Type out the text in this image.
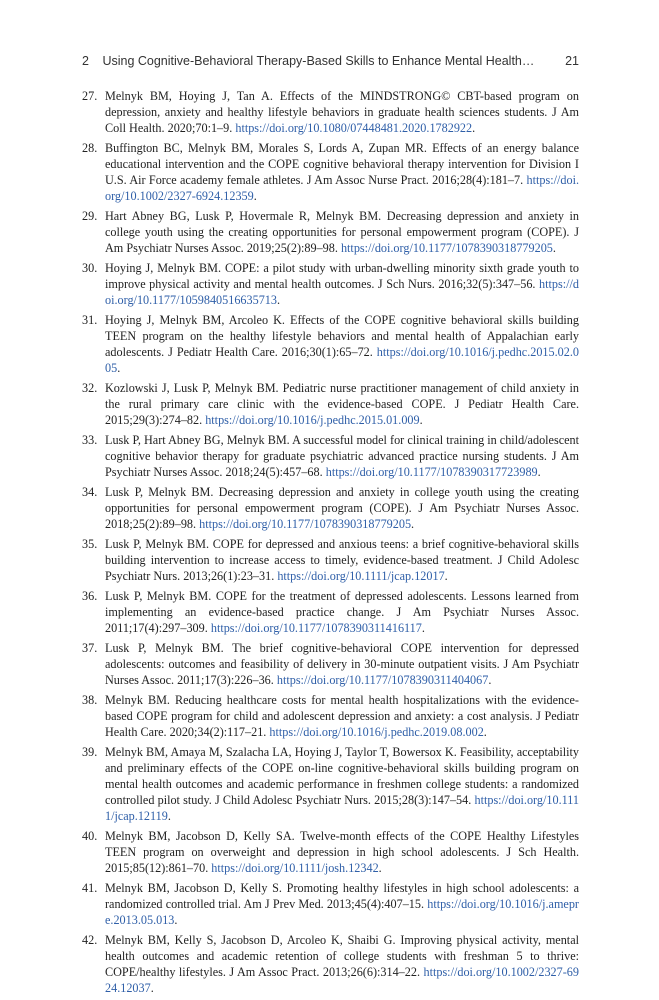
2 Using Cognitive-Behavioral Therapy-Based Skills to Enhance Mental Health… 21
27. Melnyk BM, Hoying J, Tan A. Effects of the MINDSTRONG© CBT-based program on depression, anxiety and healthy lifestyle behaviors in graduate health sciences students. J Am Coll Health. 2020;70:1–9. https://doi.org/10.1080/07448481.2020.1782922.
28. Buffington BC, Melnyk BM, Morales S, Lords A, Zupan MR. Effects of an energy balance educational intervention and the COPE cognitive behavioral therapy intervention for Division I U.S. Air Force academy female athletes. J Am Assoc Nurse Pract. 2016;28(4):181–7. https://doi.org/10.1002/2327-6924.12359.
29. Hart Abney BG, Lusk P, Hovermale R, Melnyk BM. Decreasing depression and anxiety in college youth using the creating opportunities for personal empowerment program (COPE). J Am Psychiatr Nurses Assoc. 2019;25(2):89–98. https://doi.org/10.1177/1078390318779205.
30. Hoying J, Melnyk BM. COPE: a pilot study with urban-dwelling minority sixth grade youth to improve physical activity and mental health outcomes. J Sch Nurs. 2016;32(5):347–56. https://doi.org/10.1177/1059840516635713.
31. Hoying J, Melnyk BM, Arcoleo K. Effects of the COPE cognitive behavioral skills building TEEN program on the healthy lifestyle behaviors and mental health of Appalachian early adolescents. J Pediatr Health Care. 2016;30(1):65–72. https://doi.org/10.1016/j.pedhc.2015.02.005.
32. Kozlowski J, Lusk P, Melnyk BM. Pediatric nurse practitioner management of child anxiety in the rural primary care clinic with the evidence-based COPE. J Pediatr Health Care. 2015;29(3):274–82. https://doi.org/10.1016/j.pedhc.2015.01.009.
33. Lusk P, Hart Abney BG, Melnyk BM. A successful model for clinical training in child/adolescent cognitive behavior therapy for graduate psychiatric advanced practice nursing students. J Am Psychiatr Nurses Assoc. 2018;24(5):457–68. https://doi.org/10.1177/1078390317723989.
34. Lusk P, Melnyk BM. Decreasing depression and anxiety in college youth using the creating opportunities for personal empowerment program (COPE). J Am Psychiatr Nurses Assoc. 2018;25(2):89–98. https://doi.org/10.1177/1078390318779205.
35. Lusk P, Melnyk BM. COPE for depressed and anxious teens: a brief cognitive-behavioral skills building intervention to increase access to timely, evidence-based treatment. J Child Adolesc Psychiatr Nurs. 2013;26(1):23–31. https://doi.org/10.1111/jcap.12017.
36. Lusk P, Melnyk BM. COPE for the treatment of depressed adolescents. Lessons learned from implementing an evidence-based practice change. J Am Psychiatr Nurses Assoc. 2011;17(4):297–309. https://doi.org/10.1177/1078390311416117.
37. Lusk P, Melnyk BM. The brief cognitive-behavioral COPE intervention for depressed adolescents: outcomes and feasibility of delivery in 30-minute outpatient visits. J Am Psychiatr Nurses Assoc. 2011;17(3):226–36. https://doi.org/10.1177/1078390311404067.
38. Melnyk BM. Reducing healthcare costs for mental health hospitalizations with the evidence-based COPE program for child and adolescent depression and anxiety: a cost analysis. J Pediatr Health Care. 2020;34(2):117–21. https://doi.org/10.1016/j.pedhc.2019.08.002.
39. Melnyk BM, Amaya M, Szalacha LA, Hoying J, Taylor T, Bowersox K. Feasibility, acceptability and preliminary effects of the COPE on-line cognitive-behavioral skills building program on mental health outcomes and academic performance in freshmen college students: a randomized controlled pilot study. J Child Adolesc Psychiatr Nurs. 2015;28(3):147–54. https://doi.org/10.1111/jcap.12119.
40. Melnyk BM, Jacobson D, Kelly SA. Twelve-month effects of the COPE Healthy Lifestyles TEEN program on overweight and depression in high school adolescents. J Sch Health. 2015;85(12):861–70. https://doi.org/10.1111/josh.12342.
41. Melnyk BM, Jacobson D, Kelly S. Promoting healthy lifestyles in high school adolescents: a randomized controlled trial. Am J Prev Med. 2013;45(4):407–15. https://doi.org/10.1016/j.amepre.2013.05.013.
42. Melnyk BM, Kelly S, Jacobson D, Arcoleo K, Shaibi G. Improving physical activity, mental health outcomes and academic retention of college students with freshman 5 to thrive: COPE/healthy lifestyles. J Am Assoc Pract. 2013;26(6):314–22. https://doi.org/10.1002/2327-6924.12037.
